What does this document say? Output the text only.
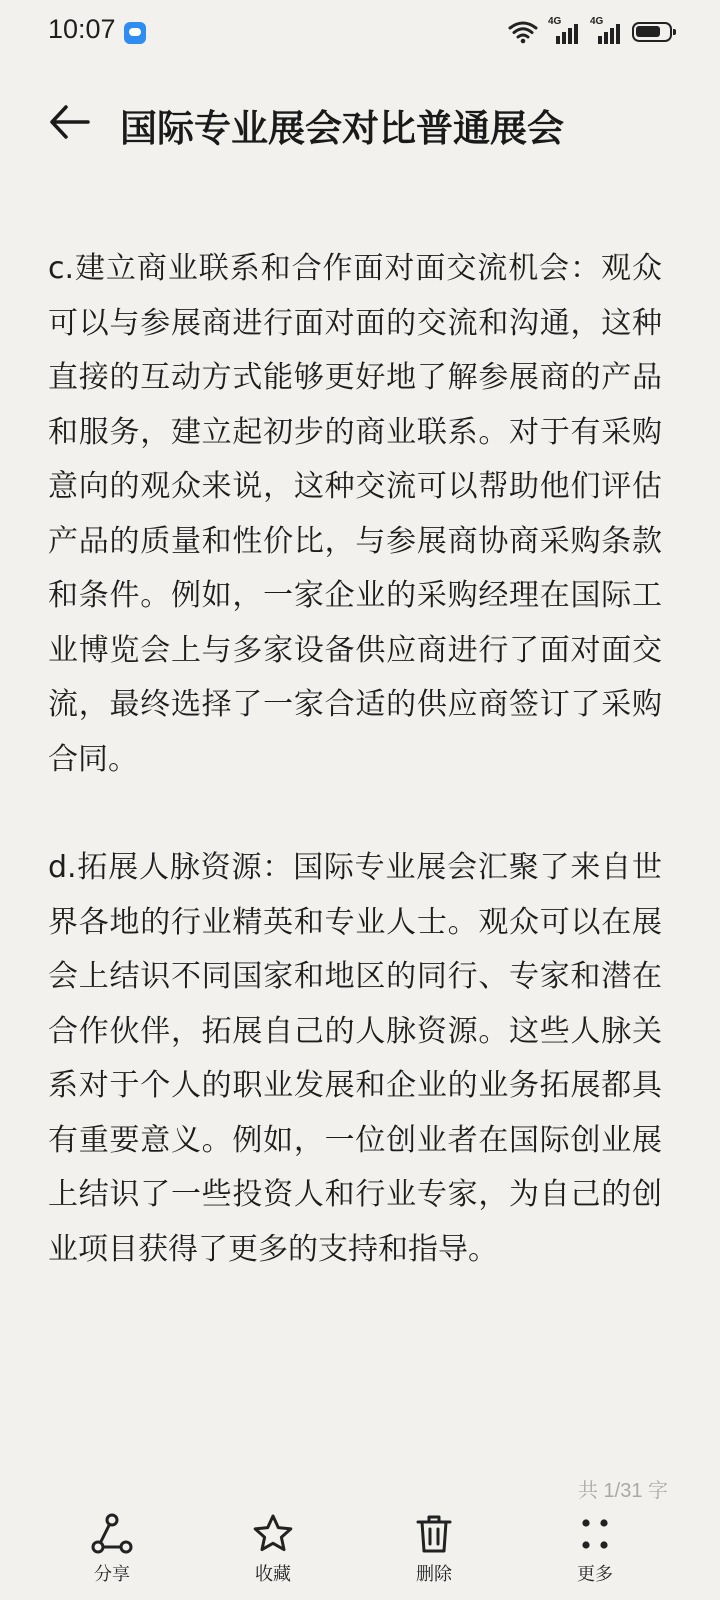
10:07	4G	4G
国际专业展会对比普通展会

c.建立商业联系和合作面对面交流机会：观众可以与参展商进行面对面的交流和沟通，这种直接的互动方式能够更好地了解参展商的产品和服务，建立起初步的商业联系。对于有采购意向的观众来说，这种交流可以帮助他们评估产品的质量和性价比，与参展商协商采购条款和条件。例如，一家企业的采购经理在国际工业博览会上与多家设备供应商进行了面对面交流，最终选择了一家合适的供应商签订了采购合同。

d.拓展人脉资源：国际专业展会汇聚了来自世界各地的行业精英和专业人士。观众可以在展会上结识不同国家和地区的同行、专家和潜在合作伙伴，拓展自己的人脉资源。这些人脉关系对于个人的职业发展和企业的业务拓展都具有重要意义。例如，一位创业者在国际创业展上结识了一些投资人和行业专家，为自己的创业项目获得了更多的支持和指导。

共 1/31 字
分享	收藏	删除	更多
